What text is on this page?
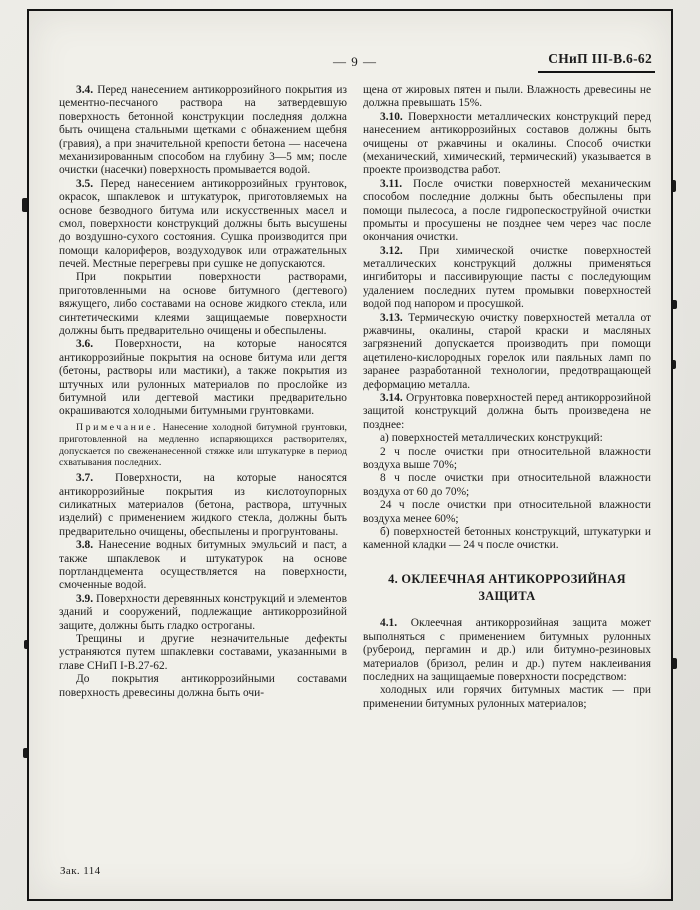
— 9 —	СНиП III-В.6-62
3.4. Перед нанесением антикоррозийного покрытия из цементно-песчаного раствора на затвердевшую поверхность бетонной конструкции последняя должна быть очищена стальными щетками с обнажением щебня (гравия), а при значительной крепости бетона — насечена механизированным способом на глубину 3—5 мм; после очистки (насечки) поверхность промывается водой.
3.5. Перед нанесением антикоррозийных грунтовок, окрасок, шпаклевок и штукатурок, приготовляемых на основе безводного битума или искусственных масел и смол, поверхности конструкций должны быть высушены до воздушно-сухого состояния. Сушка производится при помощи калориферов, воздуходувок или отражательных печей. Местные перегревы при сушке не допускаются.
При покрытии поверхности растворами, приготовленными на основе битумного (дегтевого) вяжущего, либо составами на основе жидкого стекла, или синтетическими клеями защищаемые поверхности должны быть предварительно очищены и обеспылены.
3.6. Поверхности, на которые наносятся антикоррозийные покрытия на основе битума или дегтя (бетоны, растворы или мастики), а также покрытия из штучных или рулонных материалов по прослойке из битумной или дегтевой мастики предварительно окрашиваются холодными битумными грунтовками.
Примечание. Нанесение холодной битумной грунтовки, приготовленной на медленно испаряющихся растворителях, допускается по свеженанесенной стяжке или штукатурке в период схватывания последних.
3.7. Поверхности, на которые наносятся антикоррозийные покрытия из кислотоупорных силикатных материалов (бетона, раствора, штучных изделий) с применением жидкого стекла, должны быть предварительно очищены, обеспылены и прогрунтованы.
3.8. Нанесение водных битумных эмульсий и паст, а также шпаклевок и штукатурок на основе портландцемента осуществляется на поверхности, смоченные водой.
3.9. Поверхности деревянных конструкций и элементов зданий и сооружений, подлежащие антикоррозийной защите, должны быть гладко остроганы.
Трещины и другие незначительные дефекты устраняются путем шпаклевки составами, указанными в главе СНиП I-В.27-62.
До покрытия антикоррозийными составами поверхность древесины должна быть очи-
щена от жировых пятен и пыли. Влажность древесины не должна превышать 15%.
3.10. Поверхности металлических конструкций перед нанесением антикоррозийных составов должны быть очищены от ржавчины и окалины. Способ очистки (механический, химический, термический) указывается в проекте производства работ.
3.11. После очистки поверхностей механическим способом последние должны быть обеспылены при помощи пылесоса, а после гидропескоструйной очистки промыты и просушены не позднее чем через час после окончания очистки.
3.12. При химической очистке поверхностей металлических конструкций должны применяться ингибиторы и пассивирующие пасты с последующим удалением последних путем промывки поверхностей водой под напором и просушкой.
3.13. Термическую очистку поверхностей металла от ржавчины, окалины, старой краски и масляных загрязнений допускается производить при помощи ацетилено-кислородных горелок или паяльных ламп по заранее разработанной технологии, предотвращающей деформацию металла.
3.14. Огрунтовка поверхностей перед антикоррозийной защитой конструкций должна быть произведена не позднее:
а) поверхностей металлических конструкций:
2 ч после очистки при относительной влажности воздуха выше 70%;
8 ч после очистки при относительной влажности воздуха от 60 до 70%;
24 ч после очистки при относительной влажности воздуха менее 60%;
б) поверхностей бетонных конструкций, штукатурки и каменной кладки — 24 ч после очистки.
4. ОКЛЕЕЧНАЯ АНТИКОРРОЗИЙНАЯ ЗАЩИТА
4.1. Оклеечная антикоррозийная защита может выполняться с применением битумных рулонных (рубероид, пергамин и др.) или битумно-резиновых материалов (бризол, релин и др.) путем наклеивания последних на защищаемые поверхности посредством:
холодных или горячих битумных мастик — при применении битумных рулонных материалов;
Зак. 114
